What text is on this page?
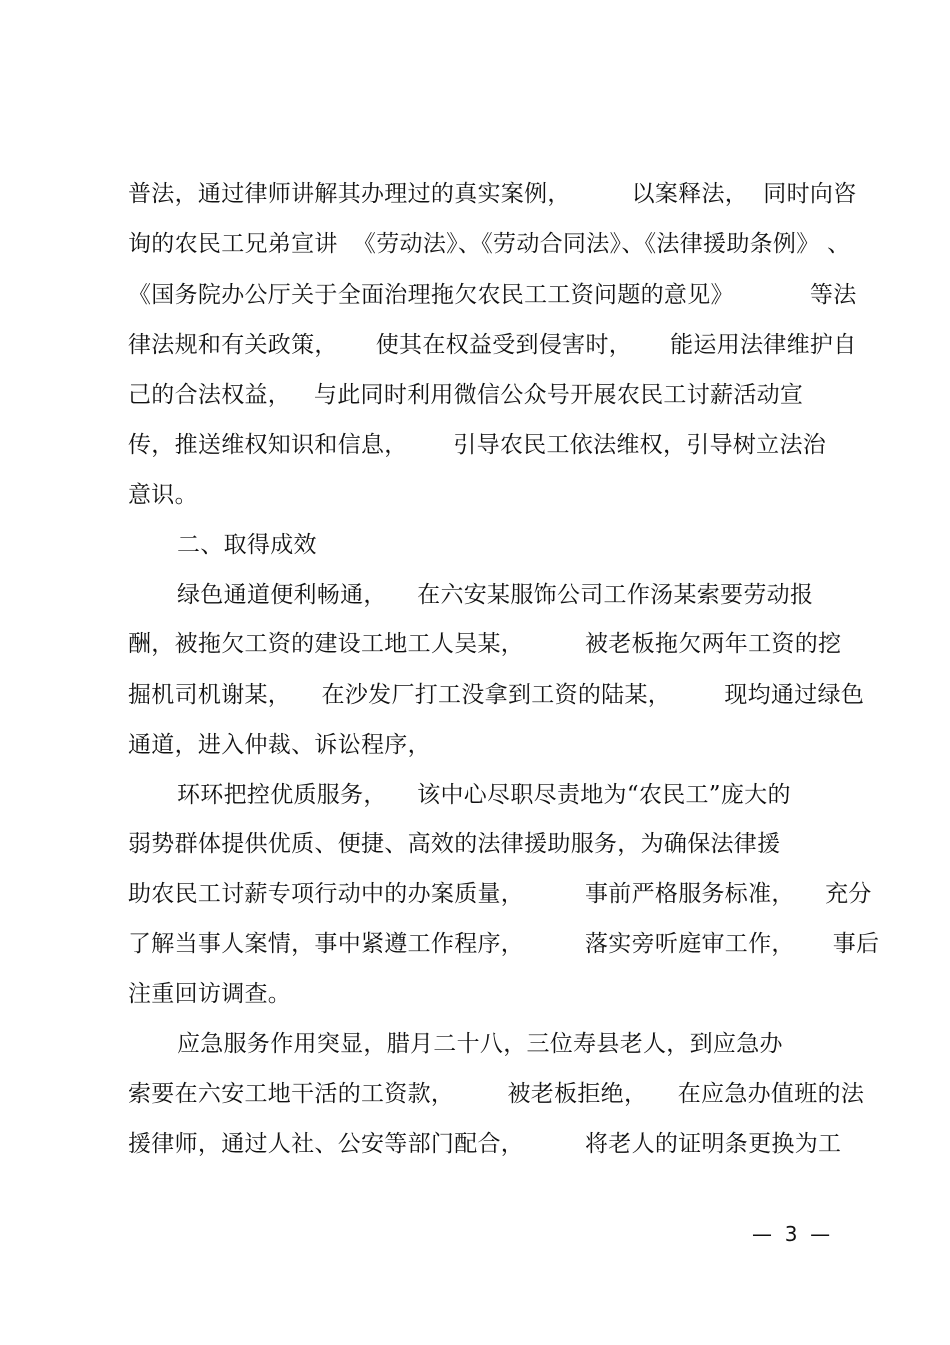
普法，通过律师讲解其办理过的真实案例，        以案释法，  同时向咨
询的农民工兄弟宣讲  《劳动法》、《劳动合同法》、《法律援助条例》 、
《国务院办公厅关于全面治理拖欠农民工工资问题的意见》          等法
律法规和有关政策，     使其在权益受到侵害时，     能运用法律维护自
己的合法权益，   与此同时利用微信公众号开展农民工讨薪活动宣
传，推送维权知识和信息，      引导农民工依法维权，引导树立法治
意识。
二、取得成效
绿色通道便利畅通，    在六安某服饰公司工作汤某索要劳动报
酬，被拖欠工资的建设工地工人吴某，        被老板拖欠两年工资的挖
掘机司机谢某，    在沙发厂打工没拿到工资的陆某，       现均通过绿色
通道，进入仲裁、诉讼程序，
环环把控优质服务，    该中心尽职尽责地为“农民工”庞大的
弱势群体提供优质、便捷、高效的法律援助服务，为确保法律援
助农民工讨薪专项行动中的办案质量，        事前严格服务标准，    充分
了解当事人案情，事中紧遵工作程序，        落实旁听庭审工作，     事后
注重回访调查。
应急服务作用突显，腊月二十八，三位寿县老人，到应急办
索要在六安工地干活的工资款，       被老板拒绝，    在应急办值班的法
援律师，通过人社、公安等部门配合，        将老人的证明条更换为工
—  3  —
